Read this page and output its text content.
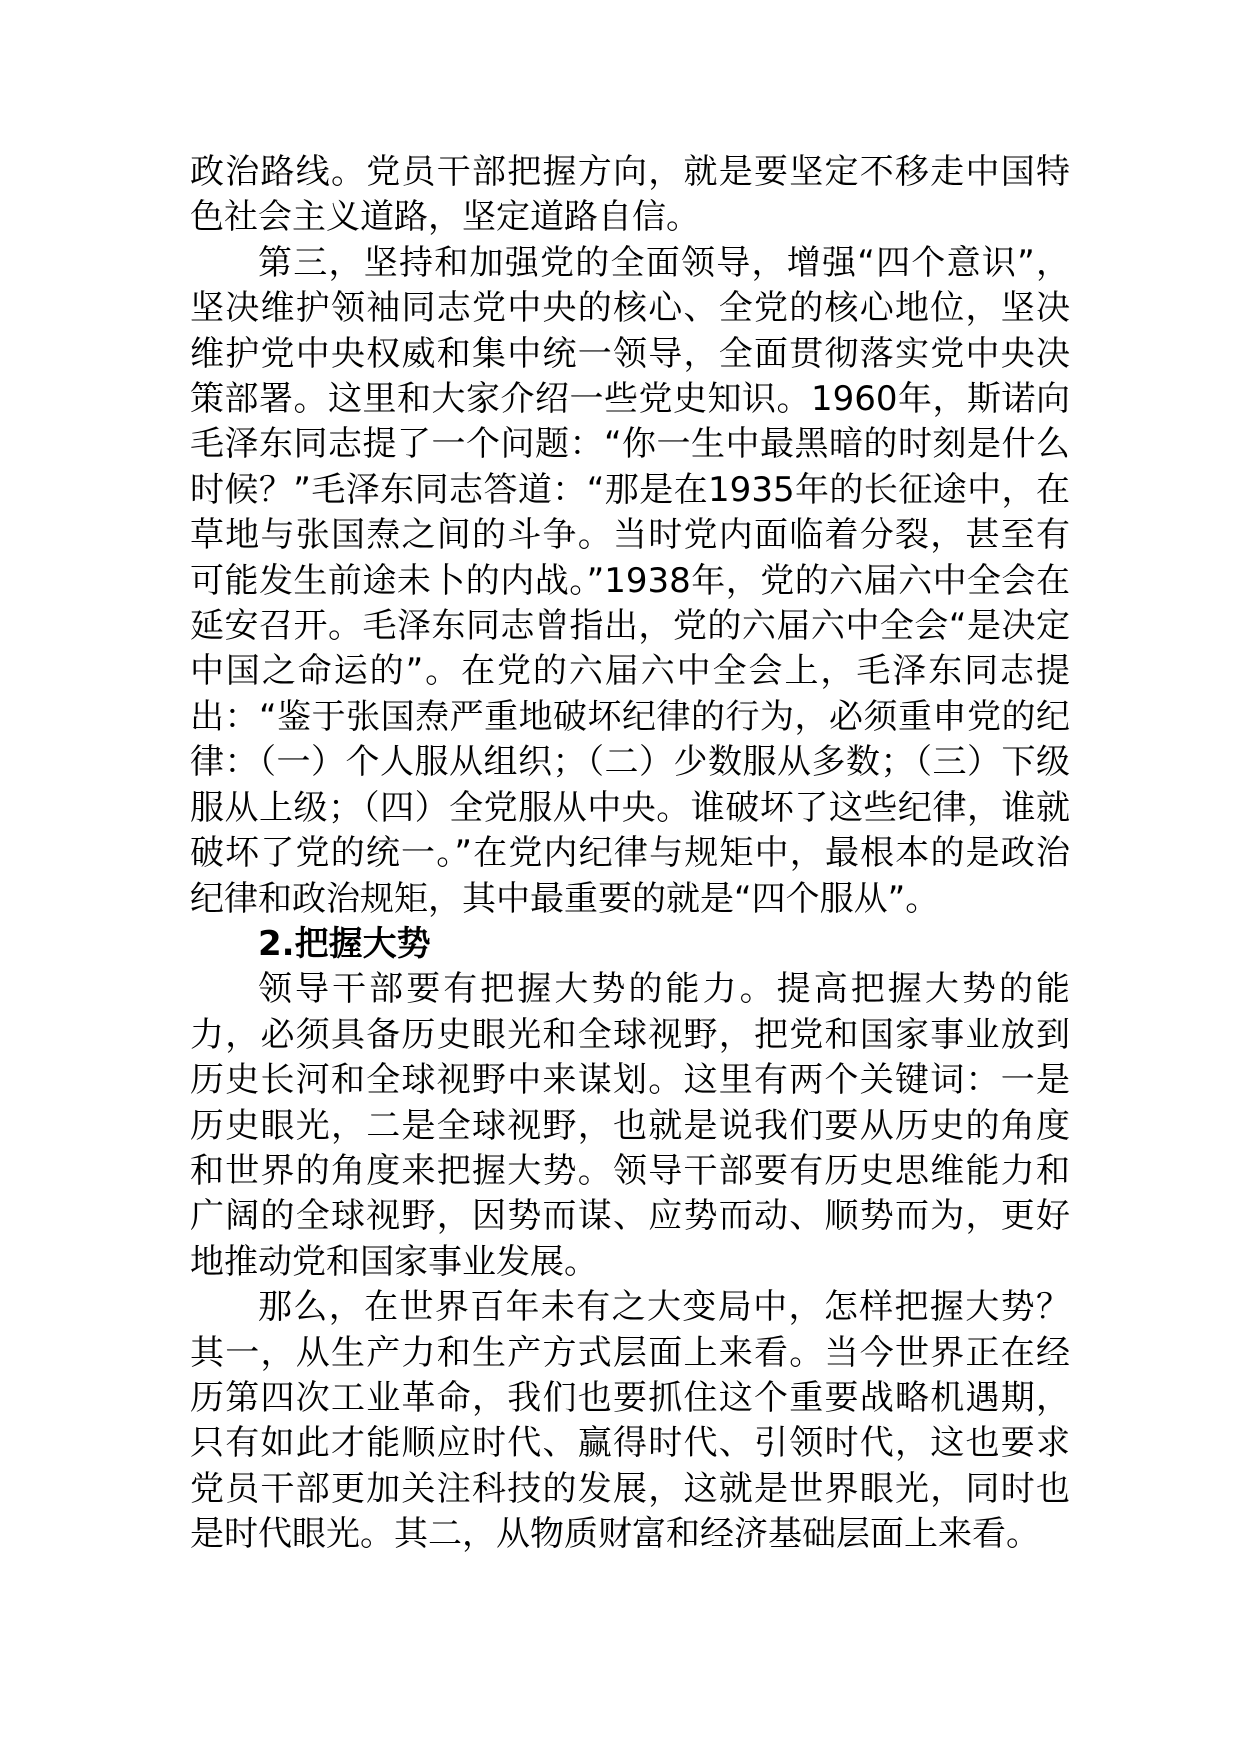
政治路线。党员干部把握方向，就是要坚定不移走中国特色社会主义道路，坚定道路自信。

第三，坚持和加强党的全面领导，增强“四个意识”，坚决维护领袖同志党中央的核心、全党的核心地位，坚决维护党中央权威和集中统一领导，全面贯彻落实党中央决策部署。这里和大家介绍一些党史知识。1960年，斯诺向毛泽东同志提了一个问题：“你一生中最黑暗的时刻是什么时候？”毛泽东同志答道：“那是在1935年的长征途中，在草地与张国焘之间的斗争。当时党内面临着分裂，甚至有可能发生前途未卜的内战。”1938年，党的六届六中全会在延安召开。毛泽东同志曾指出，党的六届六中全会“是决定中国之命运的”。在党的六届六中全会上，毛泽东同志提出：“鉴于张国焘严重地破坏纪律的行为，必须重申党的纪律：（一）个人服从组织；（二）少数服从多数；（三）下级服从上级；（四）全党服从中央。谁破坏了这些纪律，谁就破坏了党的统一。”在党内纪律与规矩中，最根本的是政治纪律和政治规矩，其中最重要的就是“四个服从”。

2.把握大势

领导干部要有把握大势的能力。提高把握大势的能力，必须具备历史眼光和全球视野，把党和国家事业放到历史长河和全球视野中来谋划。这里有两个关键词：一是历史眼光，二是全球视野，也就是说我们要从历史的角度和世界的角度来把握大势。领导干部要有历史思维能力和广阔的全球视野，因势而谋、应势而动、顺势而为，更好地推动党和国家事业发展。

那么，在世界百年未有之大变局中，怎样把握大势？其一，从生产力和生产方式层面上来看。当今世界正在经历第四次工业革命，我们也要抓住这个重要战略机遇期，只有如此才能顺应时代、赢得时代、引领时代，这也要求党员干部更加关注科技的发展，这就是世界眼光，同时也是时代眼光。其二，从物质财富和经济基础层面上来看。
